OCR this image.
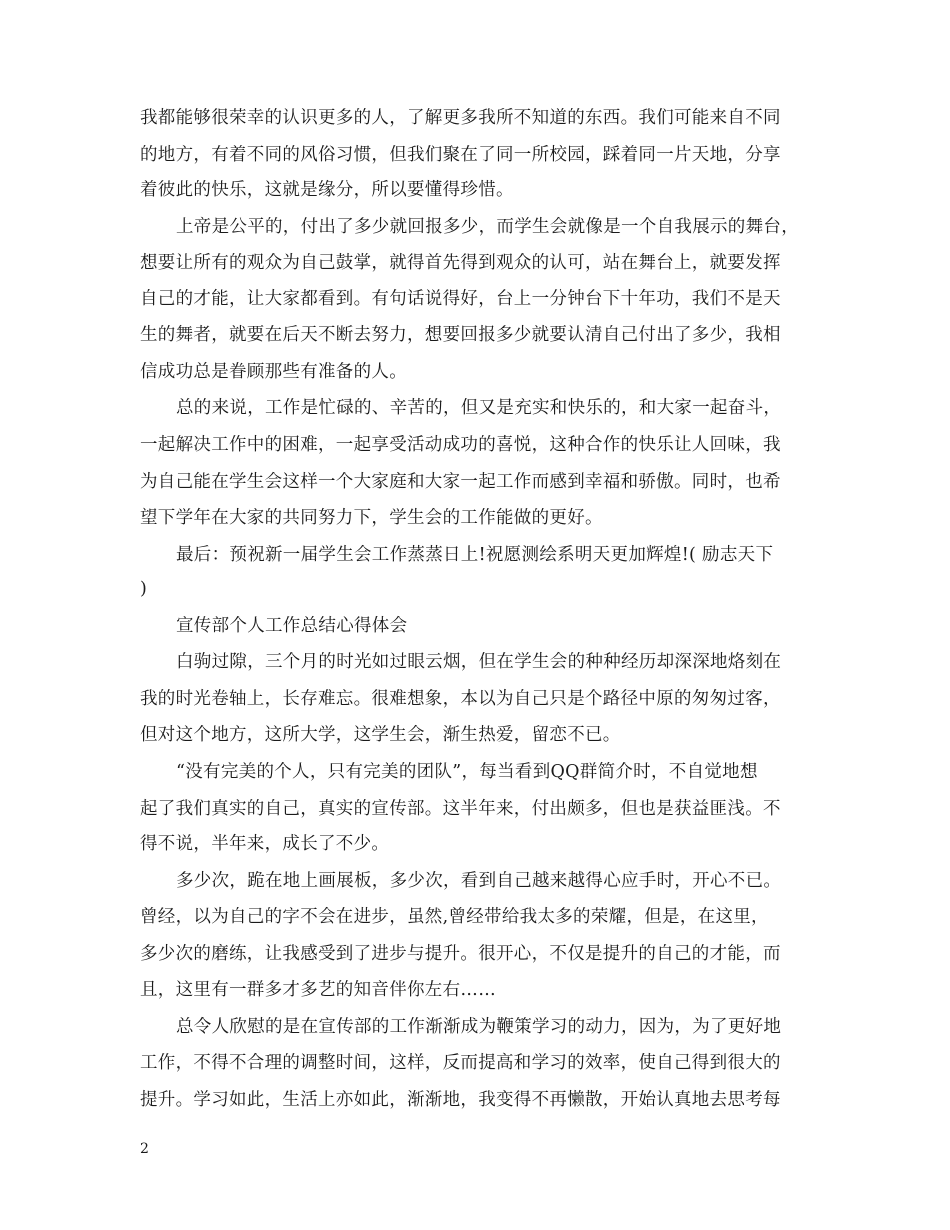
我都能够很荣幸的认识更多的人，了解更多我所不知道的东西。我们可能来自不同
的地方，有着不同的风俗习惯，但我们聚在了同一所校园，踩着同一片天地，分享
着彼此的快乐，这就是缘分，所以要懂得珍惜。
上帝是公平的，付出了多少就回报多少，而学生会就像是一个自我展示的舞台，
想要让所有的观众为自己鼓掌，就得首先得到观众的认可，站在舞台上，就要发挥
自己的才能，让大家都看到。有句话说得好，台上一分钟台下十年功，我们不是天
生的舞者，就要在后天不断去努力，想要回报多少就要认清自己付出了多少，我相
信成功总是眷顾那些有准备的人。
总的来说，工作是忙碌的、辛苦的，但又是充实和快乐的，和大家一起奋斗，
一起解决工作中的困难，一起享受活动成功的喜悦，这种合作的快乐让人回味，我
为自己能在学生会这样一个大家庭和大家一起工作而感到幸福和骄傲。同时，也希
望下学年在大家的共同努力下，学生会的工作能做的更好。
最后：预祝新一届学生会工作蒸蒸日上!祝愿测绘系明天更加辉煌!( 励志天下
)
宣传部个人工作总结心得体会
白驹过隙，三个月的时光如过眼云烟，但在学生会的种种经历却深深地烙刻在
我的时光卷轴上，长存难忘。很难想象，本以为自己只是个路径中原的匆匆过客，
但对这个地方，这所大学，这学生会，渐生热爱，留恋不已。
“没有完美的个人，只有完美的团队”，每当看到QQ群简介时，不自觉地想
起了我们真实的自己，真实的宣传部。这半年来，付出颇多，但也是获益匪浅。不
得不说，半年来，成长了不少。
多少次，跪在地上画展板，多少次，看到自己越来越得心应手时，开心不已。
曾经，以为自己的字不会在进步，虽然,曾经带给我太多的荣耀，但是，在这里，
多少次的磨练，让我感受到了进步与提升。很开心，不仅是提升的自己的才能，而
且，这里有一群多才多艺的知音伴你左右……
总令人欣慰的是在宣传部的工作渐渐成为鞭策学习的动力，因为，为了更好地
工作，不得不合理的调整时间，这样，反而提高和学习的效率，使自己得到很大的
提升。学习如此，生活上亦如此，渐渐地，我变得不再懒散，开始认真地去思考每
2
